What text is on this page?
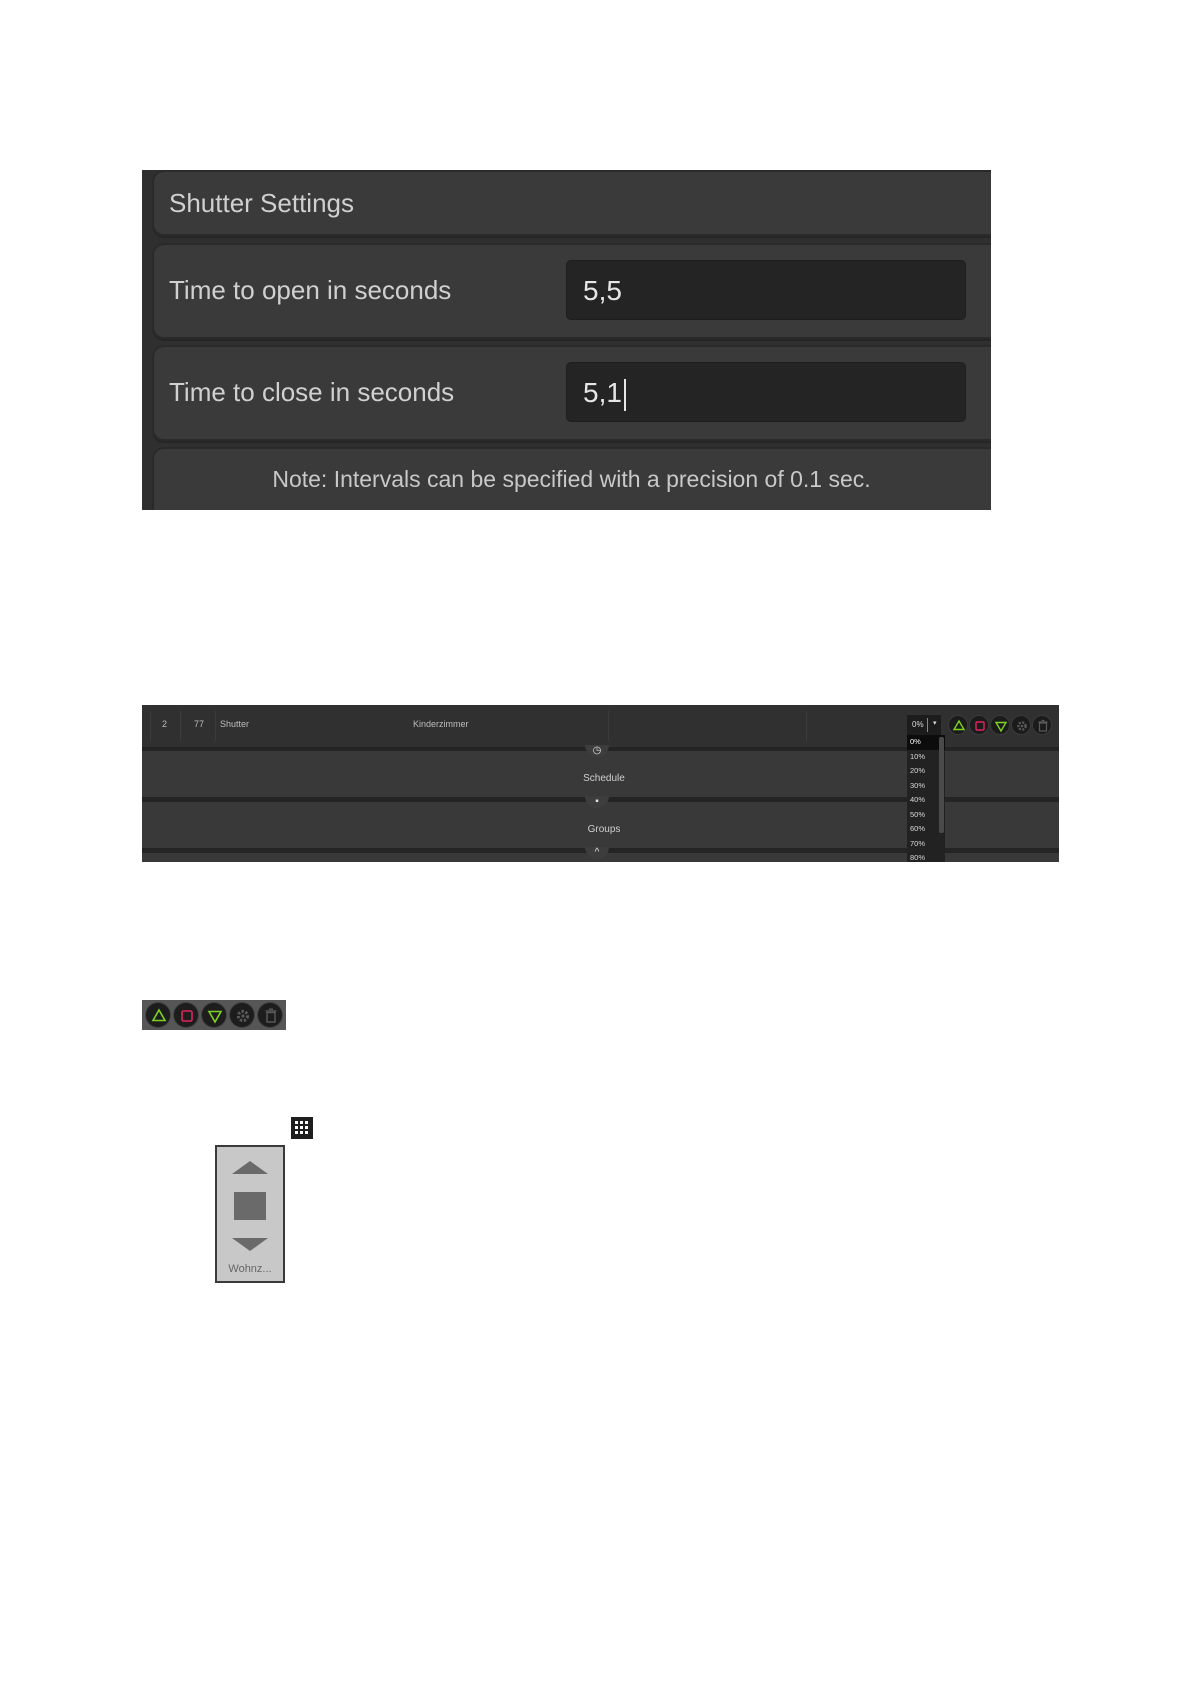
Shutter Settings
Time to open in seconds	5,5
Time to close in seconds	5,1
Note: Intervals can be specified with a precision of 0.1 sec.
2	77 Shutter	Kinderzimmer	0% ▾
◷
Schedule
▪
Groups
^
0%
10%
20%
30%
40%
50%
60%
70%
80%
Wohnz...
